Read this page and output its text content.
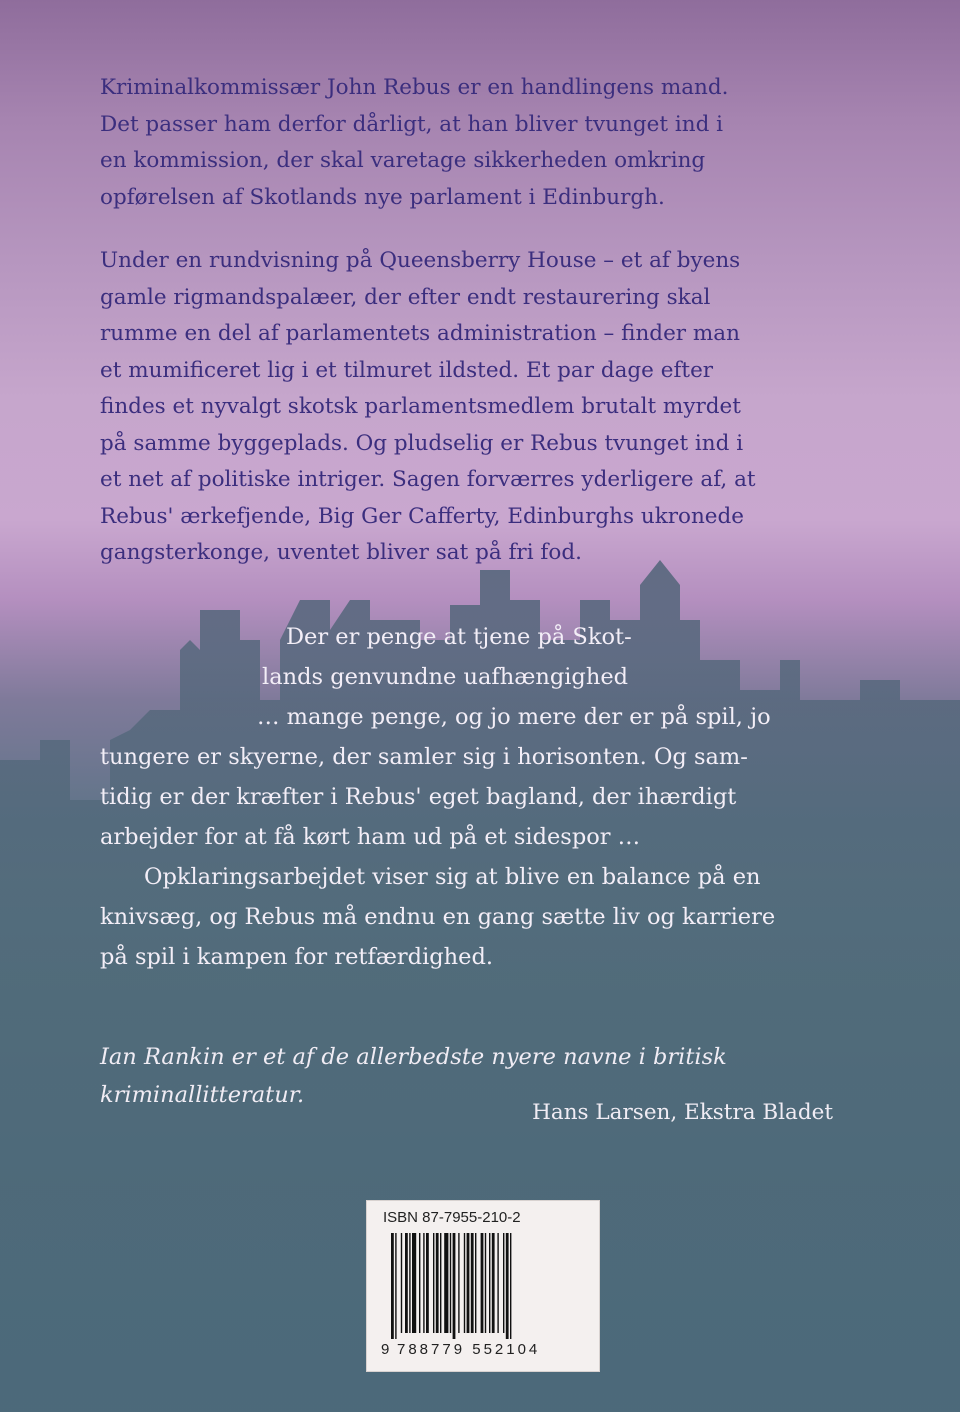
Kriminalkommissær John Rebus er en handlingens mand.
Det passer ham derfor dårligt, at han bliver tvunget ind i
en kommission, der skal varetage sikkerheden omkring
opførelsen af Skotlands nye parlament i Edinburgh.

Under en rundvisning på Queensberry House – et af byens
gamle rigmandspalæer, der efter endt restaurering skal
rumme en del af parlamentets administration – finder man
et mumificeret lig i et tilmuret ildsted. Et par dage efter
findes et nyvalgt skotsk parlamentsmedlem brutalt myrdet
på samme byggeplads. Og pludselig er Rebus tvunget ind i
et net af politiske intriger. Sagen forværres yderligere af, at
Rebus' ærkefjende, Big Ger Cafferty, Edinburghs ukronede
gangsterkonge, uventet bliver sat på fri fod.

Der er penge at tjene på Skot-
lands genvundne uafhængighed
… mange penge, og jo mere der er på spil, jo
tungere er skyerne, der samler sig i horisonten. Og sam-
tidig er der kræfter i Rebus' eget bagland, der ihærdigt
arbejder for at få kørt ham ud på et sidespor …
Opklaringsarbejdet viser sig at blive en balance på en
knivsæg, og Rebus må endnu en gang sætte liv og karriere
på spil i kampen for retfærdighed.

Ian Rankin er et af de allerbedste nyere navne i britisk
kriminallitteratur.

Hans Larsen, Ekstra Bladet

ISBN 87-7955-210-2
9 788779 552104
